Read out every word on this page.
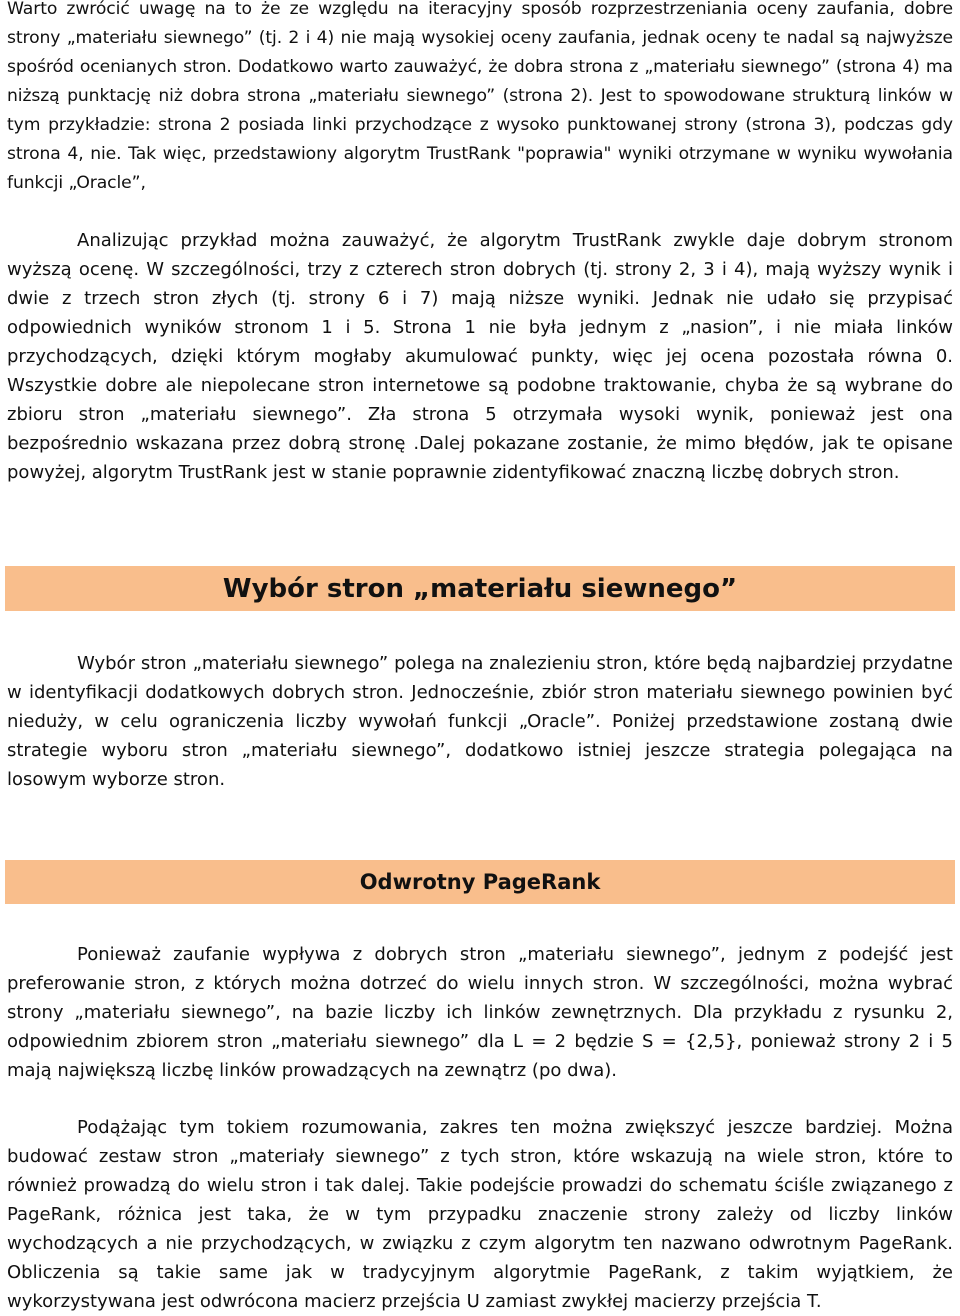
Warto zwrócić uwagę na to że ze względu na iteracyjny sposób rozprzestrzeniania oceny zaufania, dobre strony „materiału siewnego” (tj. 2 i 4) nie mają wysokiej oceny zaufania, jednak oceny te nadal są najwyższe spośród ocenianych stron. Dodatkowo warto zauważyć, że dobra strona z „materiału siewnego” (strona 4) ma niższą punktację niż dobra strona „materiału siewnego” (strona 2). Jest to spowodowane strukturą linków w tym przykładzie: strona 2 posiada linki przychodzące z wysoko punktowanej strony (strona 3), podczas gdy strona 4, nie. Tak więc, przedstawiony algorytm TrustRank "poprawia" wyniki otrzymane w wyniku wywołania funkcji „Oracle”,

Analizując przykład można zauważyć, że algorytm TrustRank zwykle daje dobrym stronom wyższą ocenę. W szczególności, trzy z czterech stron dobrych (tj. strony 2, 3 i 4), mają wyższy wynik i dwie z trzech stron złych (tj. strony 6 i 7) mają niższe wyniki. Jednak nie udało się przypisać odpowiednich wyników stronom 1 i 5. Strona 1 nie była jednym z „nasion”, i nie miała linków przychodzących, dzięki którym mogłaby akumulować punkty, więc jej ocena pozostała równa 0. Wszystkie dobre ale niepolecane stron internetowe są podobne traktowanie, chyba że są wybrane do zbioru stron „materiału siewnego”. Zła strona 5 otrzymała wysoki wynik, ponieważ jest ona bezpośrednio wskazana przez dobrą stronę .Dalej pokazane zostanie, że mimo błędów, jak te opisane powyżej, algorytm TrustRank jest w stanie poprawnie zidentyfikować znaczną liczbę dobrych stron.

Wybór stron „materiału siewnego”

Wybór stron „materiału siewnego” polega na znalezieniu stron, które będą najbardziej przydatne w identyfikacji dodatkowych dobrych stron. Jednocześnie, zbiór stron materiału siewnego powinien być nieduży, w celu ograniczenia liczby wywołań funkcji „Oracle”. Poniżej przedstawione zostaną dwie strategie wyboru stron „materiału siewnego”, dodatkowo istniej jeszcze strategia polegająca na losowym wyborze stron.

Odwrotny PageRank

Ponieważ zaufanie wypływa z dobrych stron „materiału siewnego”, jednym z podejść jest preferowanie stron, z których można dotrzeć do wielu innych stron. W szczególności, można wybrać strony „materiału siewnego”, na bazie liczby ich linków zewnętrznych. Dla przykładu z rysunku 2, odpowiednim zbiorem stron „materiału siewnego” dla L = 2 będzie S = {2,5}, ponieważ strony 2 i 5 mają największą liczbę linków prowadzących na zewnątrz (po dwa).

Podążając tym tokiem rozumowania, zakres ten można zwiększyć jeszcze bardziej. Można budować zestaw stron „materiały siewnego” z tych stron, które wskazują na wiele stron, które to również prowadzą do wielu stron i tak dalej. Takie podejście prowadzi do schematu ściśle związanego z PageRank, różnica jest taka, że w tym przypadku znaczenie strony zależy od liczby linków wychodzących a nie przychodzących, w związku z czym algorytm ten nazwano odwrotnym PageRank. Obliczenia są takie same jak w tradycyjnym algorytmie PageRank, z takim wyjątkiem, że wykorzystywana jest odwrócona macierz przejścia U zamiast zwykłej macierzy przejścia T.
